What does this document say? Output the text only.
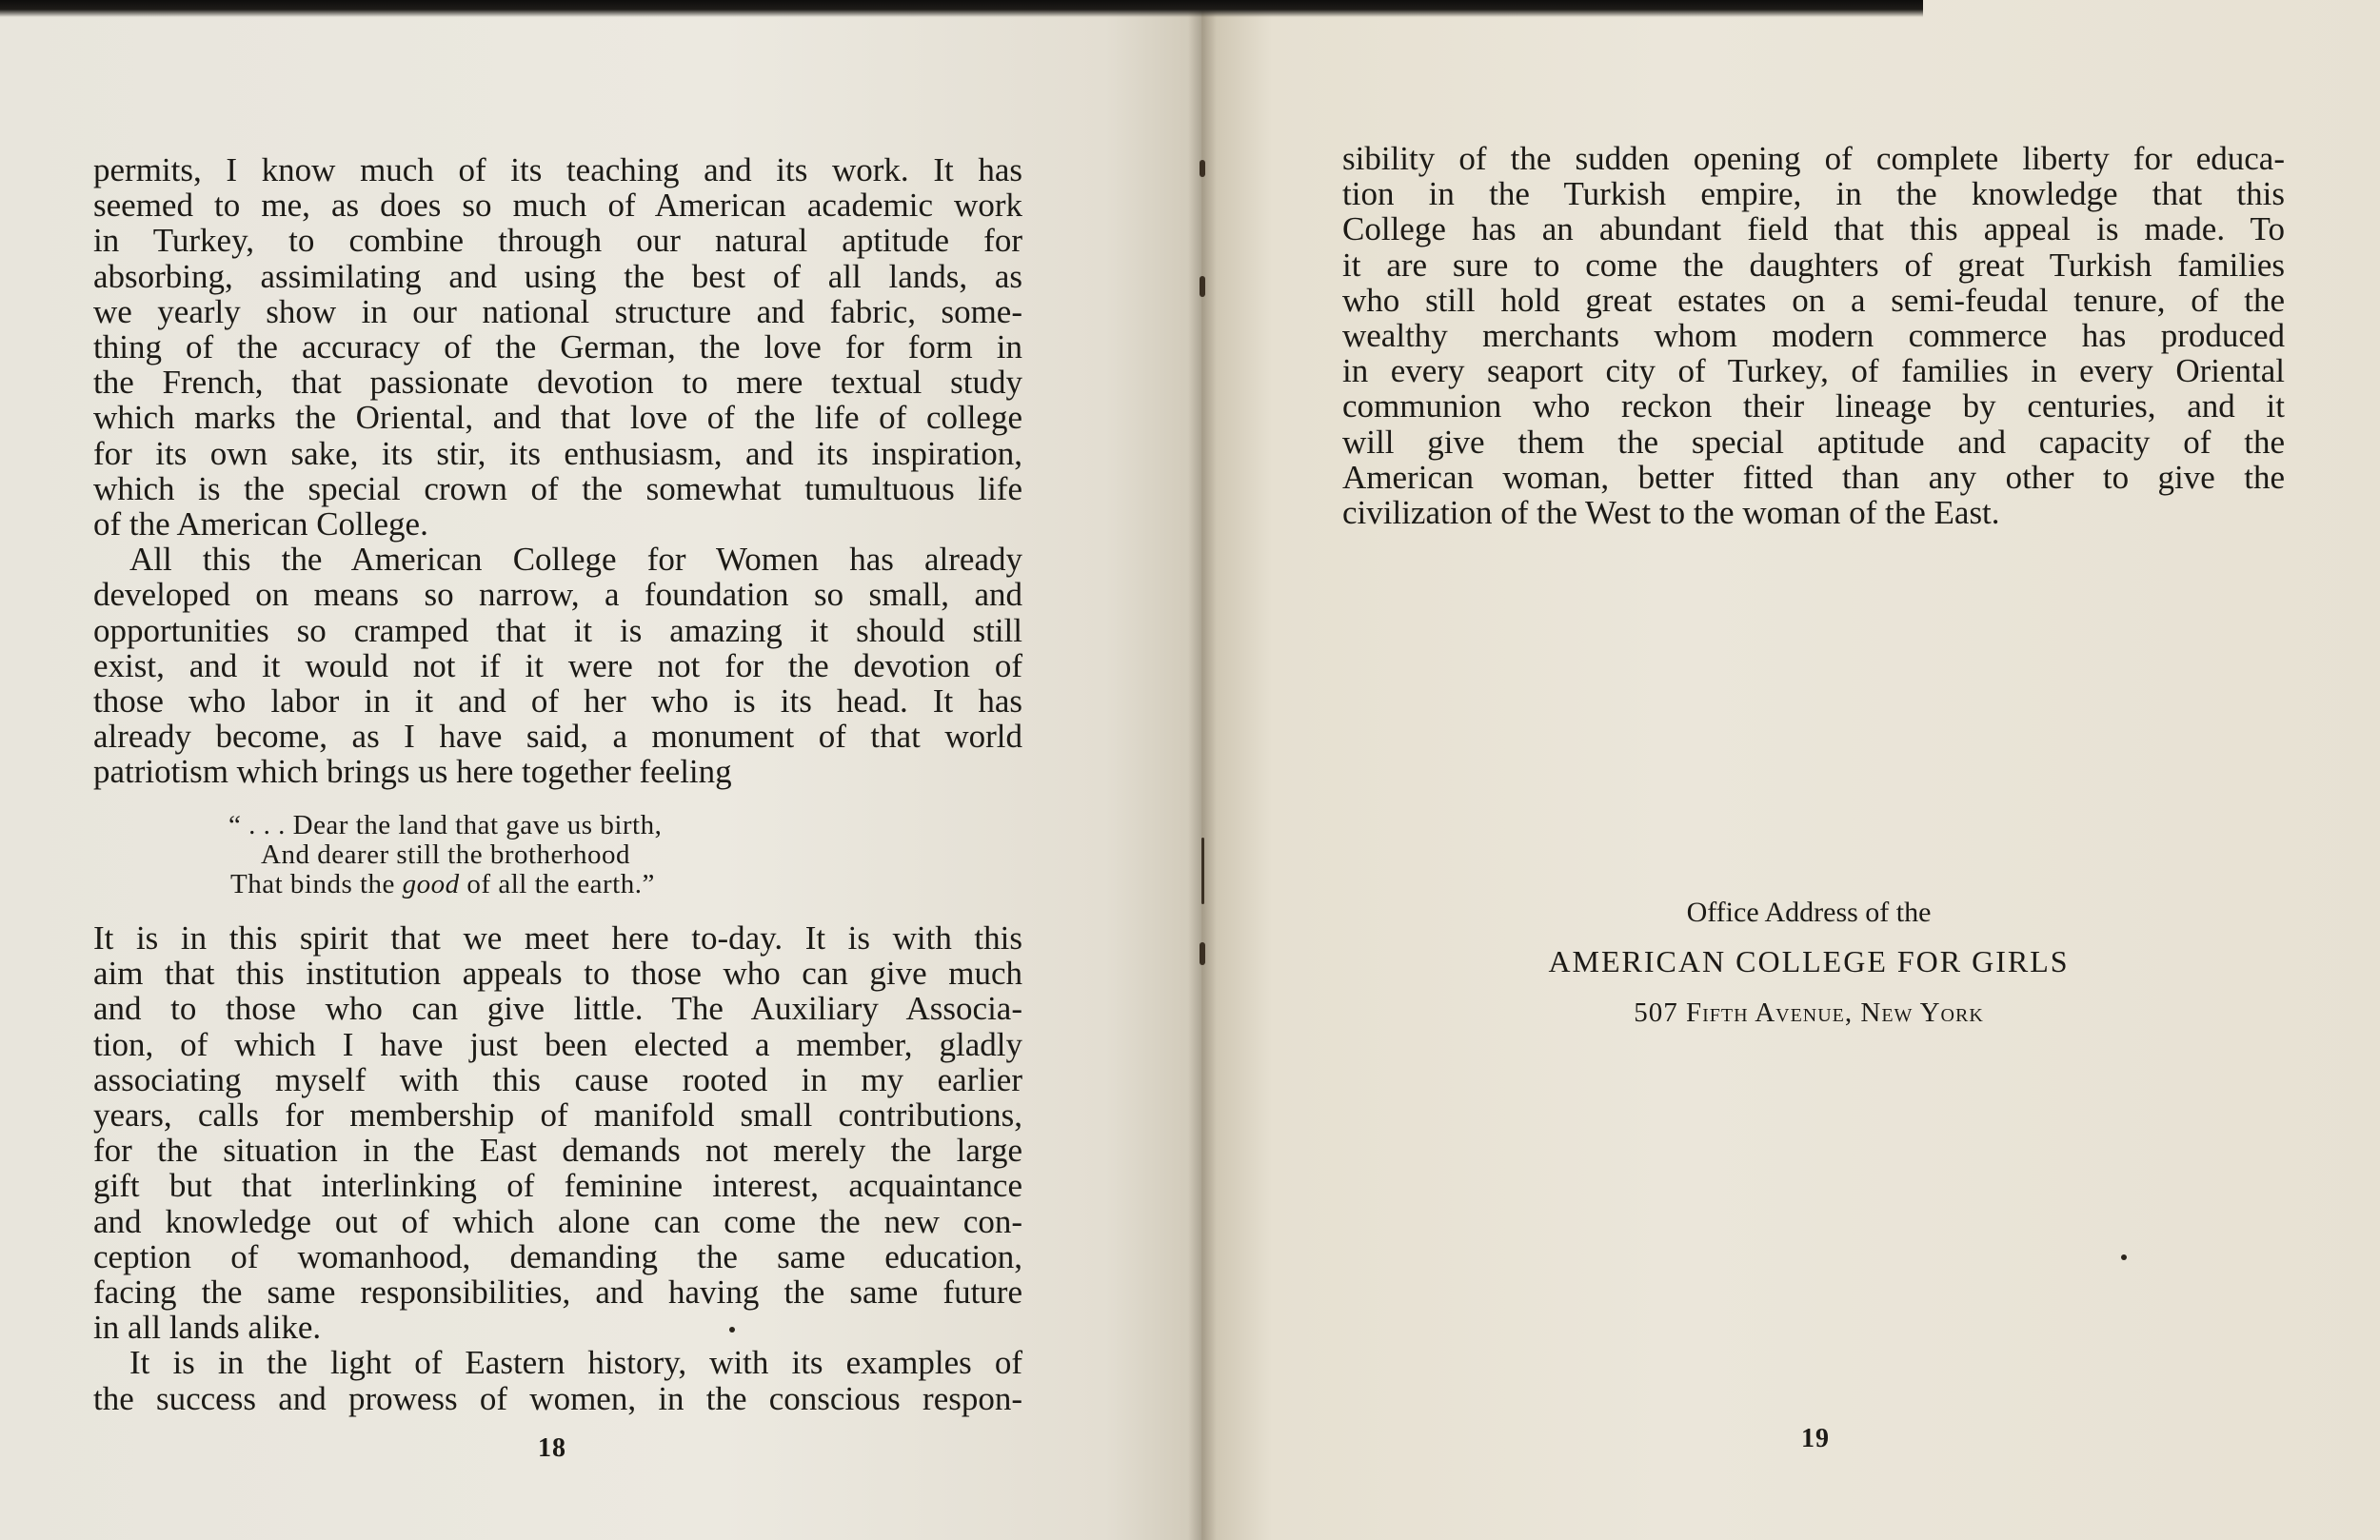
permits, I know much of its teaching and its work. It has
seemed to me, as does so much of American academic work
in Turkey, to combine through our natural aptitude for
absorbing, assimilating and using the best of all lands, as
we yearly show in our national structure and fabric, some-
thing of the accuracy of the German, the love for form in
the French, that passionate devotion to mere textual study
which marks the Oriental, and that love of the life of college
for its own sake, its stir, its enthusiasm, and its inspiration,
which is the special crown of the somewhat tumultuous life
of the American College.
All this the American College for Women has already
developed on means so narrow, a foundation so small, and
opportunities so cramped that it is amazing it should still
exist, and it would not if it were not for the devotion of
those who labor in it and of her who is its head. It has
already become, as I have said, a monument of that world
patriotism which brings us here together feeling
“ . . . Dear the land that gave us birth,
And dearer still the brotherhood
That binds the good of all the earth.”
It is in this spirit that we meet here to-day. It is with this
aim that this institution appeals to those who can give much
and to those who can give little. The Auxiliary Associa-
tion, of which I have just been elected a member, gladly
associating myself with this cause rooted in my earlier
years, calls for membership of manifold small contributions,
for the situation in the East demands not merely the large
gift but that interlinking of feminine interest, acquaintance
and knowledge out of which alone can come the new con-
ception of womanhood, demanding the same education,
facing the same responsibilities, and having the same future
in all lands alike.
It is in the light of Eastern history, with its examples of
the success and prowess of women, in the conscious respon-
18
sibility of the sudden opening of complete liberty for educa-
tion in the Turkish empire, in the knowledge that this
College has an abundant field that this appeal is made. To
it are sure to come the daughters of great Turkish families
who still hold great estates on a semi-feudal tenure, of the
wealthy merchants whom modern commerce has produced
in every seaport city of Turkey, of families in every Oriental
communion who reckon their lineage by centuries, and it
will give them the special aptitude and capacity of the
American woman, better fitted than any other to give the
civilization of the West to the woman of the East.
Office Address of the
AMERICAN COLLEGE FOR GIRLS
507 Fifth Avenue, New York
19
